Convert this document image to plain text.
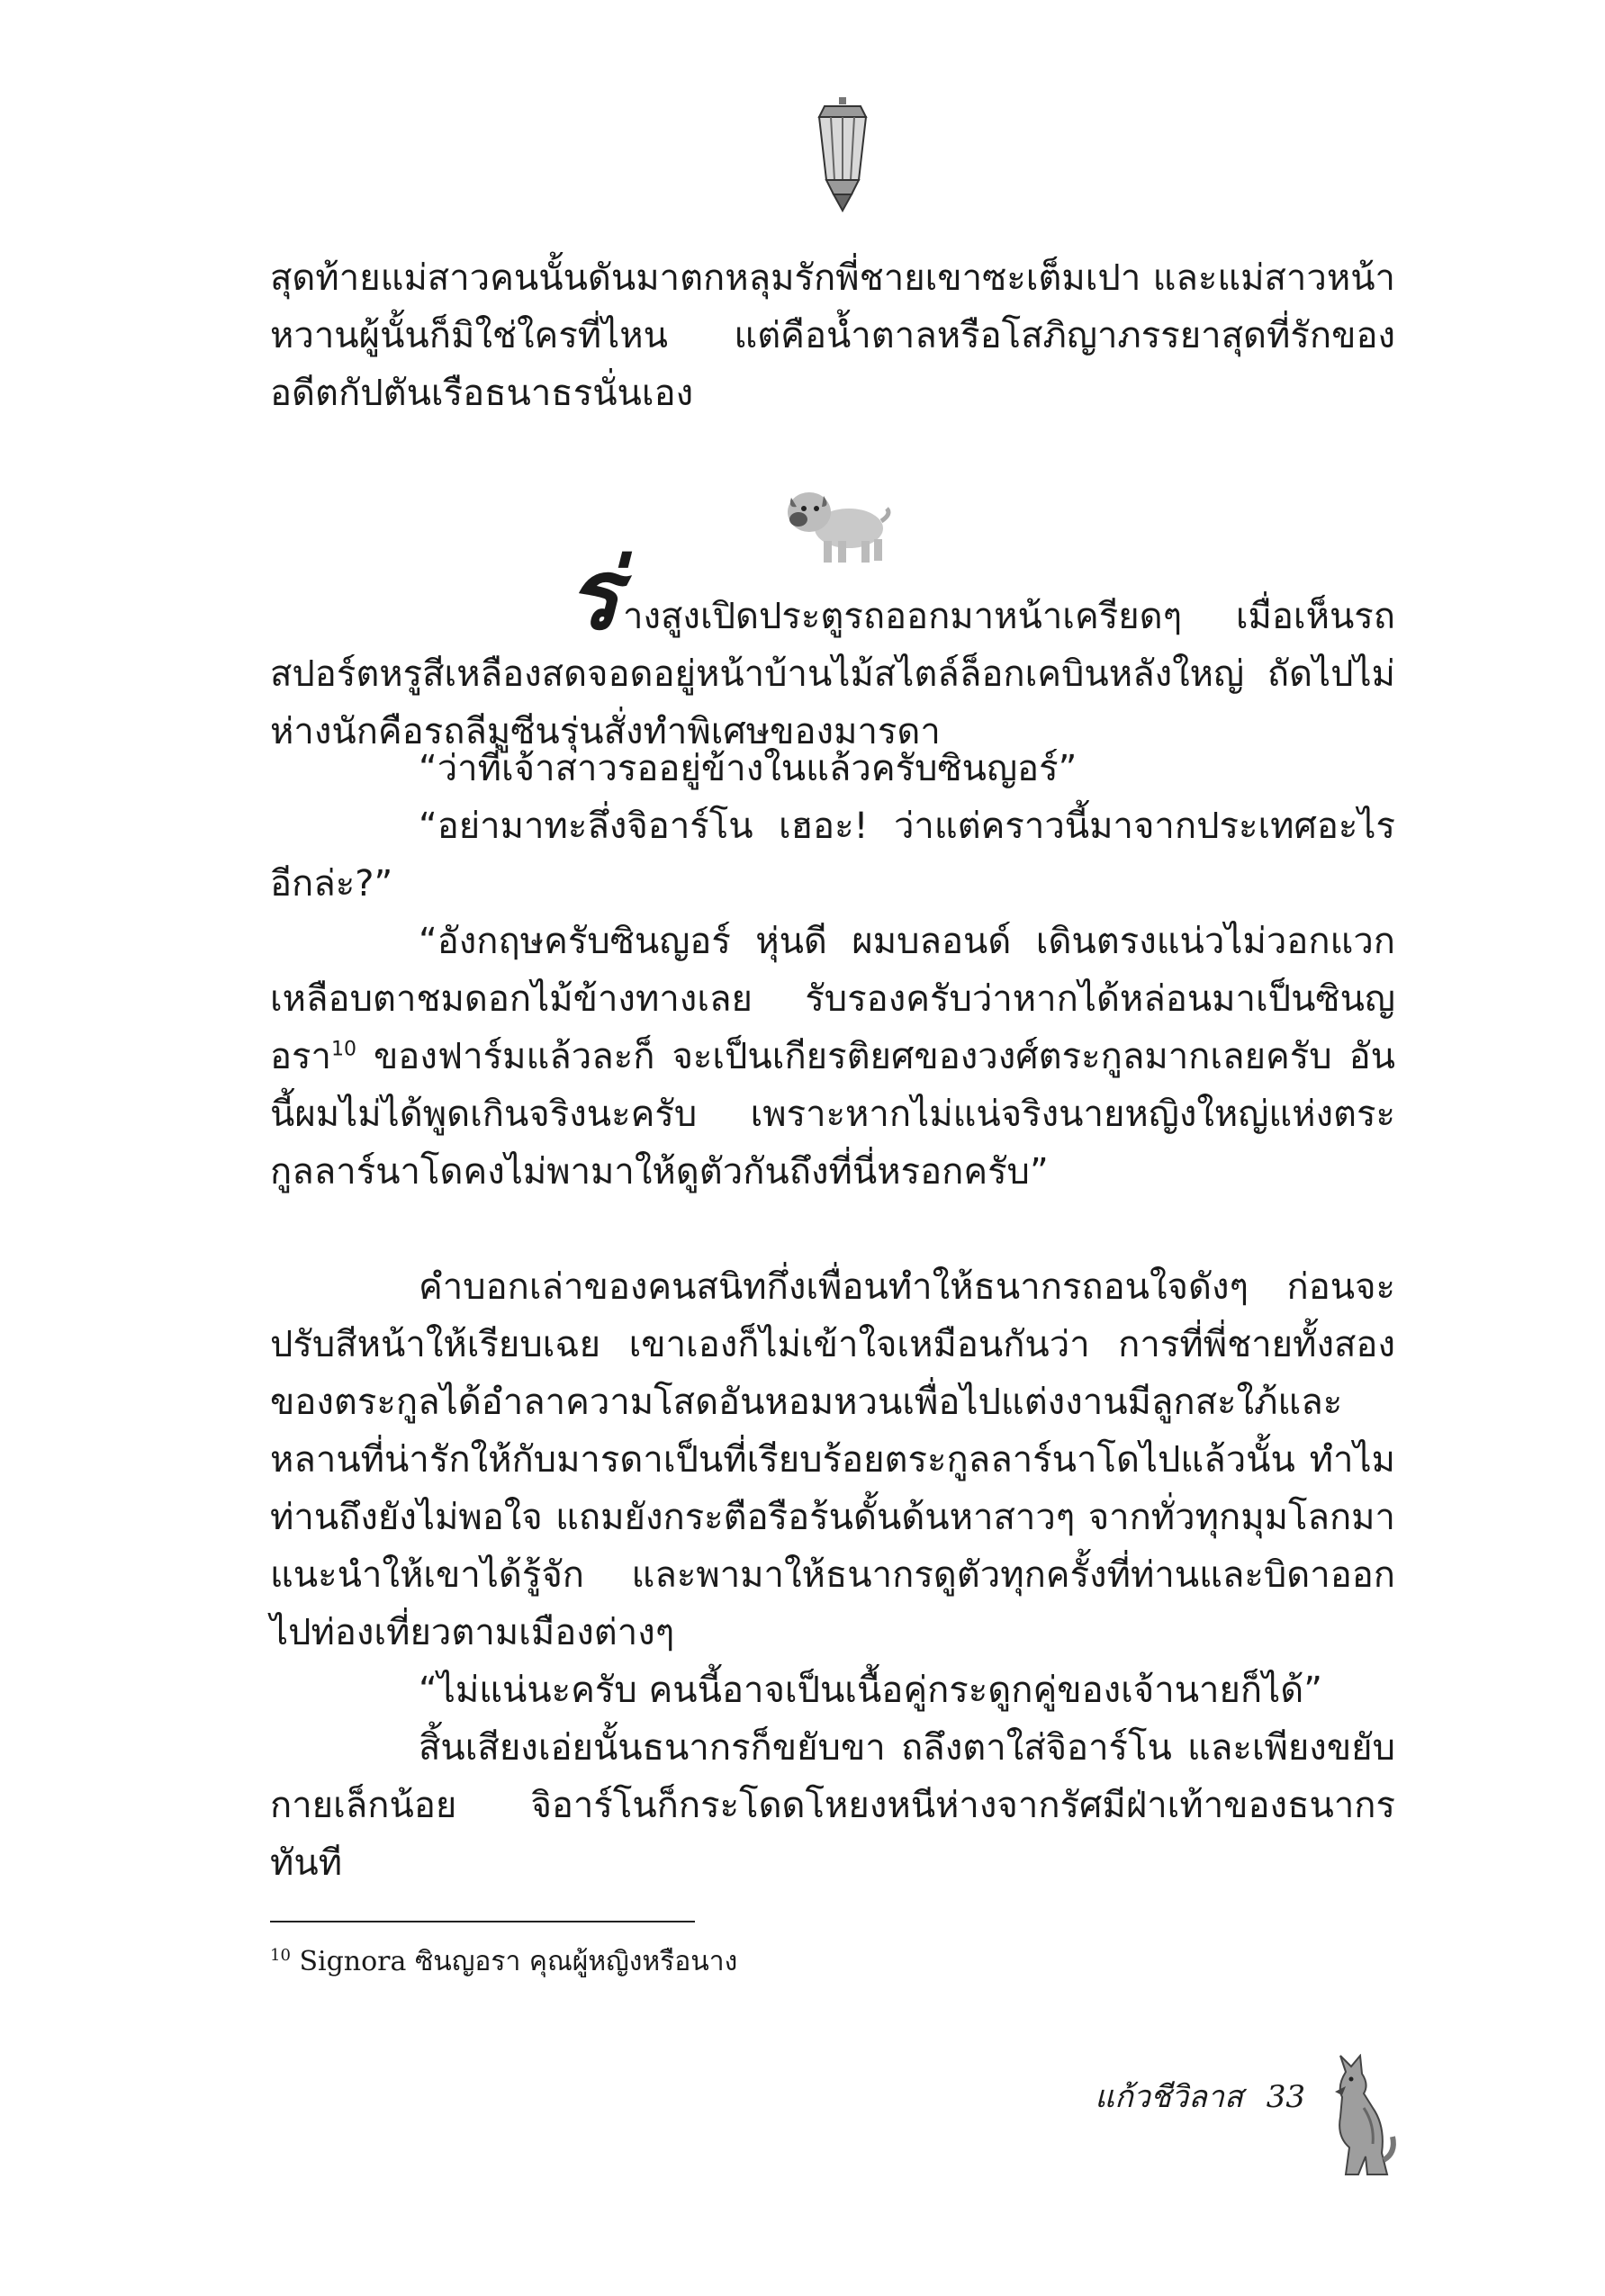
สุดท้ายแม่สาวคนนั้นดันมาตกหลุมรักพี่ชายเขาซะเต็มเปา และแม่สาวหน้าหวานผู้นั้นก็มิใช่ใครที่ไหน แต่คือน้ำตาลหรือโสภิญาภรรยาสุดที่รักของอดีตกัปตันเรือธนาธรนั่นเอง

ร่างสูงเปิดประตูรถออกมาหน้าเครียดๆ เมื่อเห็นรถสปอร์ตหรูสีเหลืองสดจอดอยู่หน้าบ้านไม้สไตล์ล็อกเคบินหลังใหญ่ ถัดไปไม่ห่างนักคือรถลีมูซีนรุ่นสั่งทำพิเศษของมารดา

“ว่าที่เจ้าสาวรออยู่ข้างในแล้วครับซินญอร์”

“อย่ามาทะลึ่งจิอาร์โน เฮอะ! ว่าแต่คราวนี้มาจากประเทศอะไรอีกล่ะ?”

“อังกฤษครับซินญอร์ หุ่นดี ผมบลอนด์ เดินตรงแน่วไม่วอกแวกเหลือบตาชมดอกไม้ข้างทางเลย รับรองครับว่าหากได้หล่อนมาเป็นซินญอรา$^{10}$ ของฟาร์มแล้วละก็ จะเป็นเกียรติยศของวงศ์ตระกูลมากเลยครับ อันนี้ผมไม่ได้พูดเกินจริงนะครับ เพราะหากไม่แน่จริงนายหญิงใหญ่แห่งตระกูลลาร์นาโดคงไม่พามาให้ดูตัวกันถึงที่นี่หรอกครับ”

คำบอกเล่าของคนสนิทกึ่งเพื่อนทำให้ธนากรถอนใจดังๆ ก่อนจะปรับสีหน้าให้เรียบเฉย เขาเองก็ไม่เข้าใจเหมือนกันว่า การที่พี่ชายทั้งสองของตระกูลได้อำลาความโสดอันหอมหวนเพื่อไปแต่งงานมีลูกสะใภ้และหลานที่น่ารักให้กับมารดาเป็นที่เรียบร้อยตระกูลลาร์นาโดไปแล้วนั้น ทำไมท่านถึงยังไม่พอใจ แถมยังกระตือรือร้นดั้นด้นหาสาวๆ จากทั่วทุกมุมโลกมาแนะนำให้เขาได้รู้จัก และพามาให้ธนากรดูตัวทุกครั้งที่ท่านและบิดาออกไปท่องเที่ยวตามเมืองต่างๆ

“ไม่แน่นะครับ คนนี้อาจเป็นเนื้อคู่กระดูกคู่ของเจ้านายก็ได้”

สิ้นเสียงเอ่ยนั้นธนากรก็ขยับขา ถลึงตาใส่จิอาร์โน และเพียงขยับกายเล็กน้อย จิอาร์โนก็กระโดดโหยงหนีห่างจากรัศมีฝ่าเท้าของธนากรทันที

$^{10}$ Signora ซินญอรา คุณผู้หญิงหรือนาง
แก้วชีวิลาส 33
